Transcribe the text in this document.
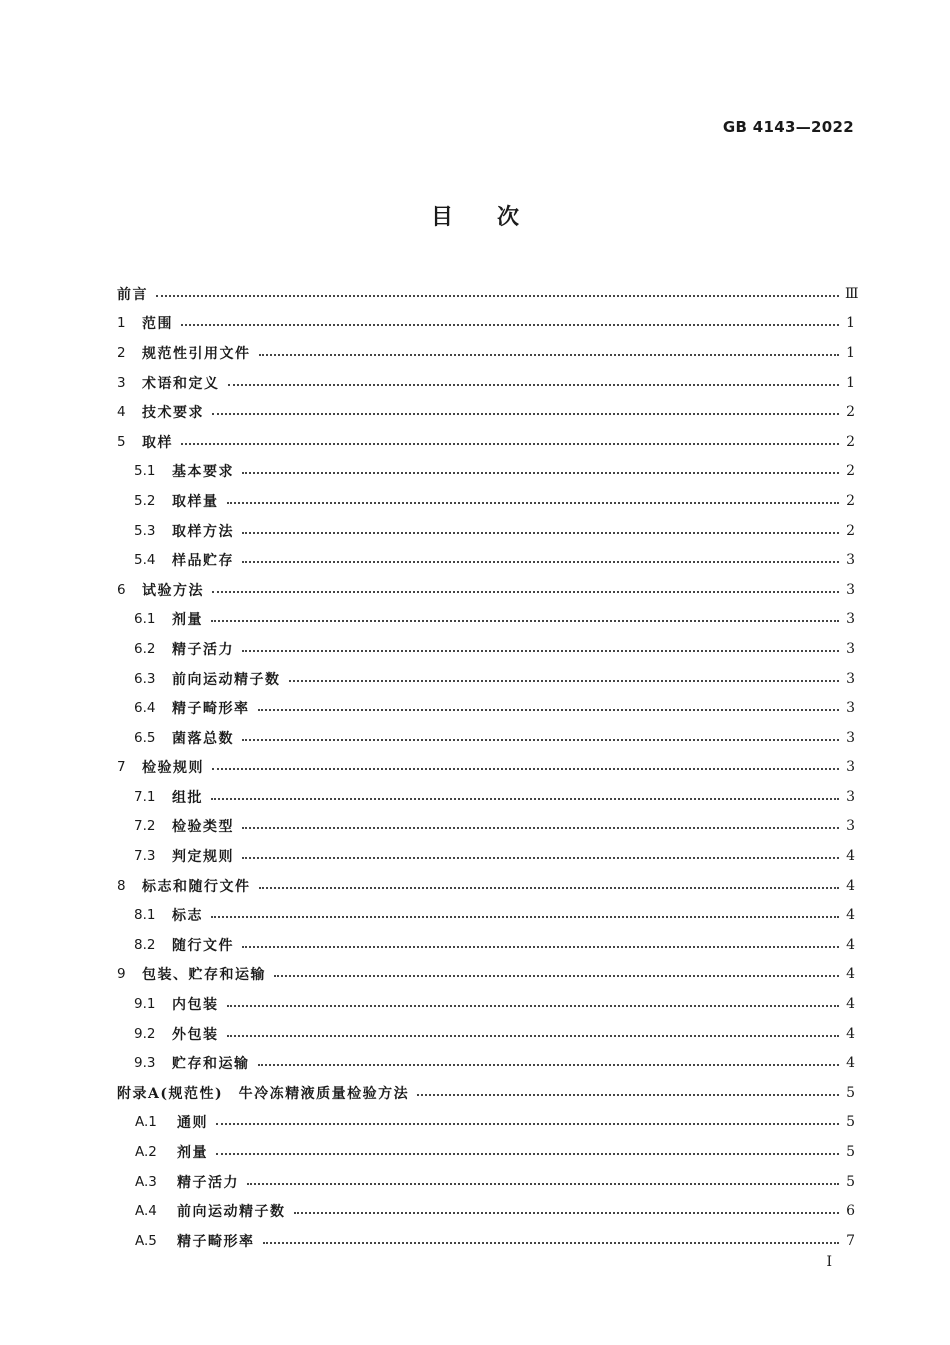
GB 4143—2022
目次
前言	Ⅲ
1	范围	1
2	规范性引用文件	1
3	术语和定义	1
4	技术要求	2
5	取样	2
5.1	基本要求	2
5.2	取样量	2
5.3	取样方法	2
5.4	样品贮存	3
6	试验方法	3
6.1	剂量	3
6.2	精子活力	3
6.3	前向运动精子数	3
6.4	精子畸形率	3
6.5	菌落总数	3
7	检验规则	3
7.1	组批	3
7.2	检验类型	3
7.3	判定规则	4
8	标志和随行文件	4
8.1	标志	4
8.2	随行文件	4
9	包装、贮存和运输	4
9.1	内包装	4
9.2	外包装	4
9.3	贮存和运输	4
附录A(规范性)　牛冷冻精液质量检验方法	5
A.1	通则	5
A.2	剂量	5
A.3	精子活力	5
A.4	前向运动精子数	6
A.5	精子畸形率	7
I
